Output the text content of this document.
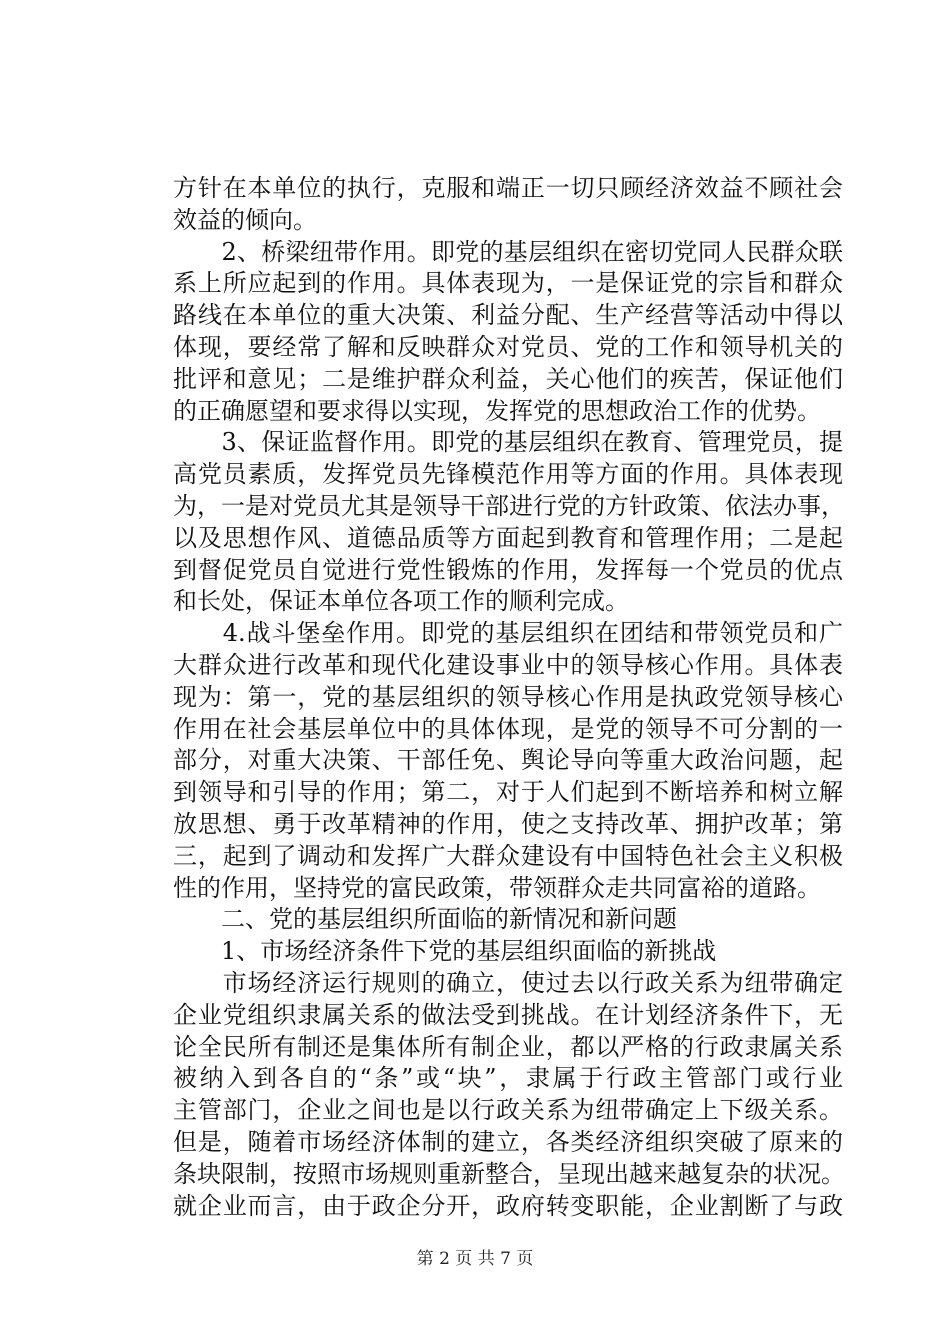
方针在本单位的执行，克服和端正一切只顾经济效益不顾社会
效益的倾向。
　　2、桥梁纽带作用。即党的基层组织在密切党同人民群众联
系上所应起到的作用。具体表现为，一是保证党的宗旨和群众
路线在本单位的重大决策、利益分配、生产经营等活动中得以
体现，要经常了解和反映群众对党员、党的工作和领导机关的
批评和意见；二是维护群众利益，关心他们的疾苦，保证他们
的正确愿望和要求得以实现，发挥党的思想政治工作的优势。
　　3、保证监督作用。即党的基层组织在教育、管理党员，提
高党员素质，发挥党员先锋模范作用等方面的作用。具体表现
为，一是对党员尤其是领导干部进行党的方针政策、依法办事，
以及思想作风、道德品质等方面起到教育和管理作用；二是起
到督促党员自觉进行党性锻炼的作用，发挥每一个党员的优点
和长处，保证本单位各项工作的顺利完成。
　　4.战斗堡垒作用。即党的基层组织在团结和带领党员和广
大群众进行改革和现代化建设事业中的领导核心作用。具体表
现为：第一，党的基层组织的领导核心作用是执政党领导核心
作用在社会基层单位中的具体体现，是党的领导不可分割的一
部分，对重大决策、干部任免、舆论导向等重大政治问题，起
到领导和引导的作用；第二，对于人们起到不断培养和树立解
放思想、勇于改革精神的作用，使之支持改革、拥护改革；第
三，起到了调动和发挥广大群众建设有中国特色社会主义积极
性的作用，坚持党的富民政策，带领群众走共同富裕的道路。
　　二、党的基层组织所面临的新情况和新问题
　　1、市场经济条件下党的基层组织面临的新挑战
　　市场经济运行规则的确立，使过去以行政关系为纽带确定
企业党组织隶属关系的做法受到挑战。在计划经济条件下，无
论全民所有制还是集体所有制企业，都以严格的行政隶属关系
被纳入到各自的“条”或“块”，隶属于行政主管部门或行业
主管部门，企业之间也是以行政关系为纽带确定上下级关系。
但是，随着市场经济体制的建立，各类经济组织突破了原来的
条块限制，按照市场规则重新整合，呈现出越来越复杂的状况。
就企业而言，由于政企分开，政府转变职能，企业割断了与政
第 2 页 共 7 页
